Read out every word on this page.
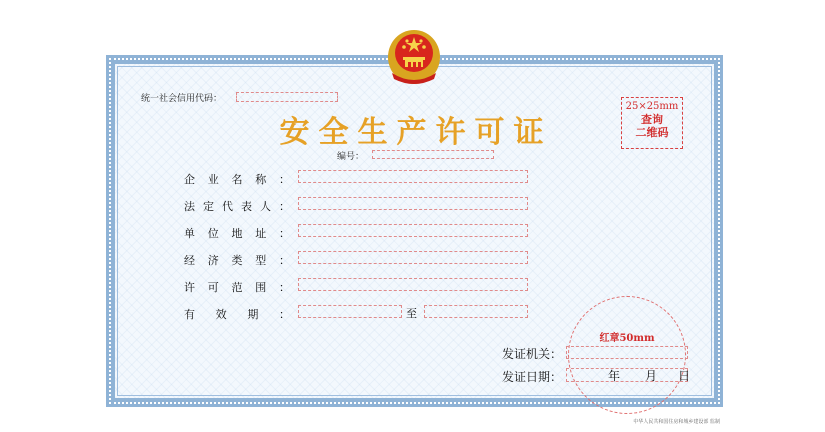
统一社会信用代码：
安全生产许可证
25×25mm
查询
二维码
编号：
企 业 名 称 ：
法 定 代 表 人 ：
单 位 地 址 ：
经 济 类 型 ：
许 可 范 围 ：
有 效 期 ：	至
红章50mm
发证机关：
发证日期：	年 月 日
中华人民共和国住房和城乡建设部 监制
